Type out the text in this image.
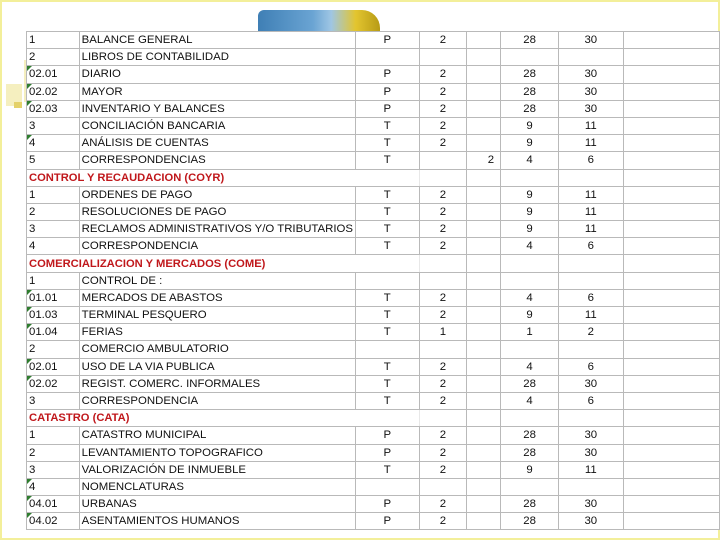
1	BALANCE GENERAL	P	2		28	30	
2	LIBROS DE CONTABILIDAD						

02.01	DIARIO	P	2		28	30	

02.02	MAYOR	P	2		28	30	

02.03	INVENTARIO Y BALANCES	P	2		28	30	
3	CONCILIACIÓN BANCARIA	T	2		9	11	

4	ANÁLISIS DE CUENTAS	T	2		9	11	
5	CORRESPONDENCIAS	T		2	4	6	
CONTROL Y RECAUDACION (COYR)							
1	ORDENES DE PAGO	T	2		9	11	
2	RESOLUCIONES DE PAGO	T	2		9	11	
3	RECLAMOS ADMINISTRATIVOS Y/O TRIBUTARIOS	T	2		9	11	
4	CORRESPONDENCIA	T	2		4	6	
COMERCIALIZACION Y MERCADOS (COME)							
1	CONTROL DE :						

01.01	MERCADOS DE ABASTOS	T	2		4	6	

01.03	TERMINAL PESQUERO	T	2		9	11	

01.04	FERIAS	T	1		1	2	
2	COMERCIO AMBULATORIO						

02.01	USO DE LA VIA PUBLICA	T	2		4	6	

02.02	REGIST. COMERC. INFORMALES	T	2		28	30	
3	CORRESPONDENCIA	T	2		4	6	
CATASTRO (CATA)							
1	CATASTRO MUNICIPAL	P	2		28	30	
2	LEVANTAMIENTO TOPOGRAFICO	P	2		28	30	
3	VALORIZACIÓN DE INMUEBLE	T	2		9	11	

4	NOMENCLATURAS						

04.01	URBANAS	P	2		28	30	

04.02	ASENTAMIENTOS HUMANOS	P	2		28	30	
